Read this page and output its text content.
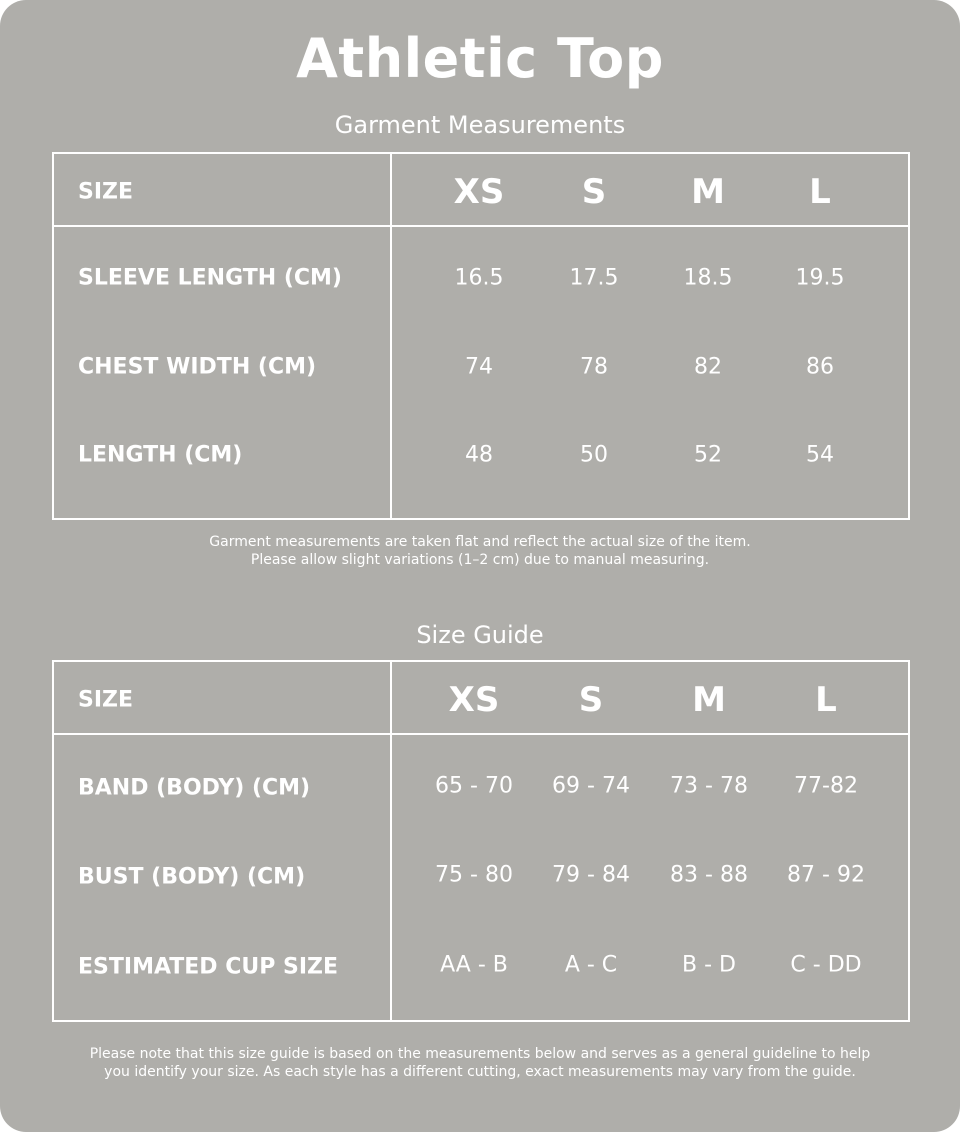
Athletic Top
Garment Measurements
SIZE	XS S M L
SLEEVE LENGTH (CM)	16.5	17.5	18.5	19.5
CHEST WIDTH (CM)	74	78	82	86
LENGTH (CM)	48	50	52	54
Garment measurements are taken flat and reflect the actual size of the item.
Please allow slight variations (1–2 cm) due to manual measuring.
Size Guide
SIZE	XS S	M	L
BAND (BODY) (CM)	65 - 70 69 - 74 73 - 78 77-82
BUST (BODY) (CM)	75 - 80 79 - 84 83 - 88 87 - 92
ESTIMATED CUP SIZE	AA - B	A - C	B - D C - DD
Please note that this size guide is based on the measurements below and serves as a general guideline to help
you identify your size. As each style has a different cutting, exact measurements may vary from the guide.
